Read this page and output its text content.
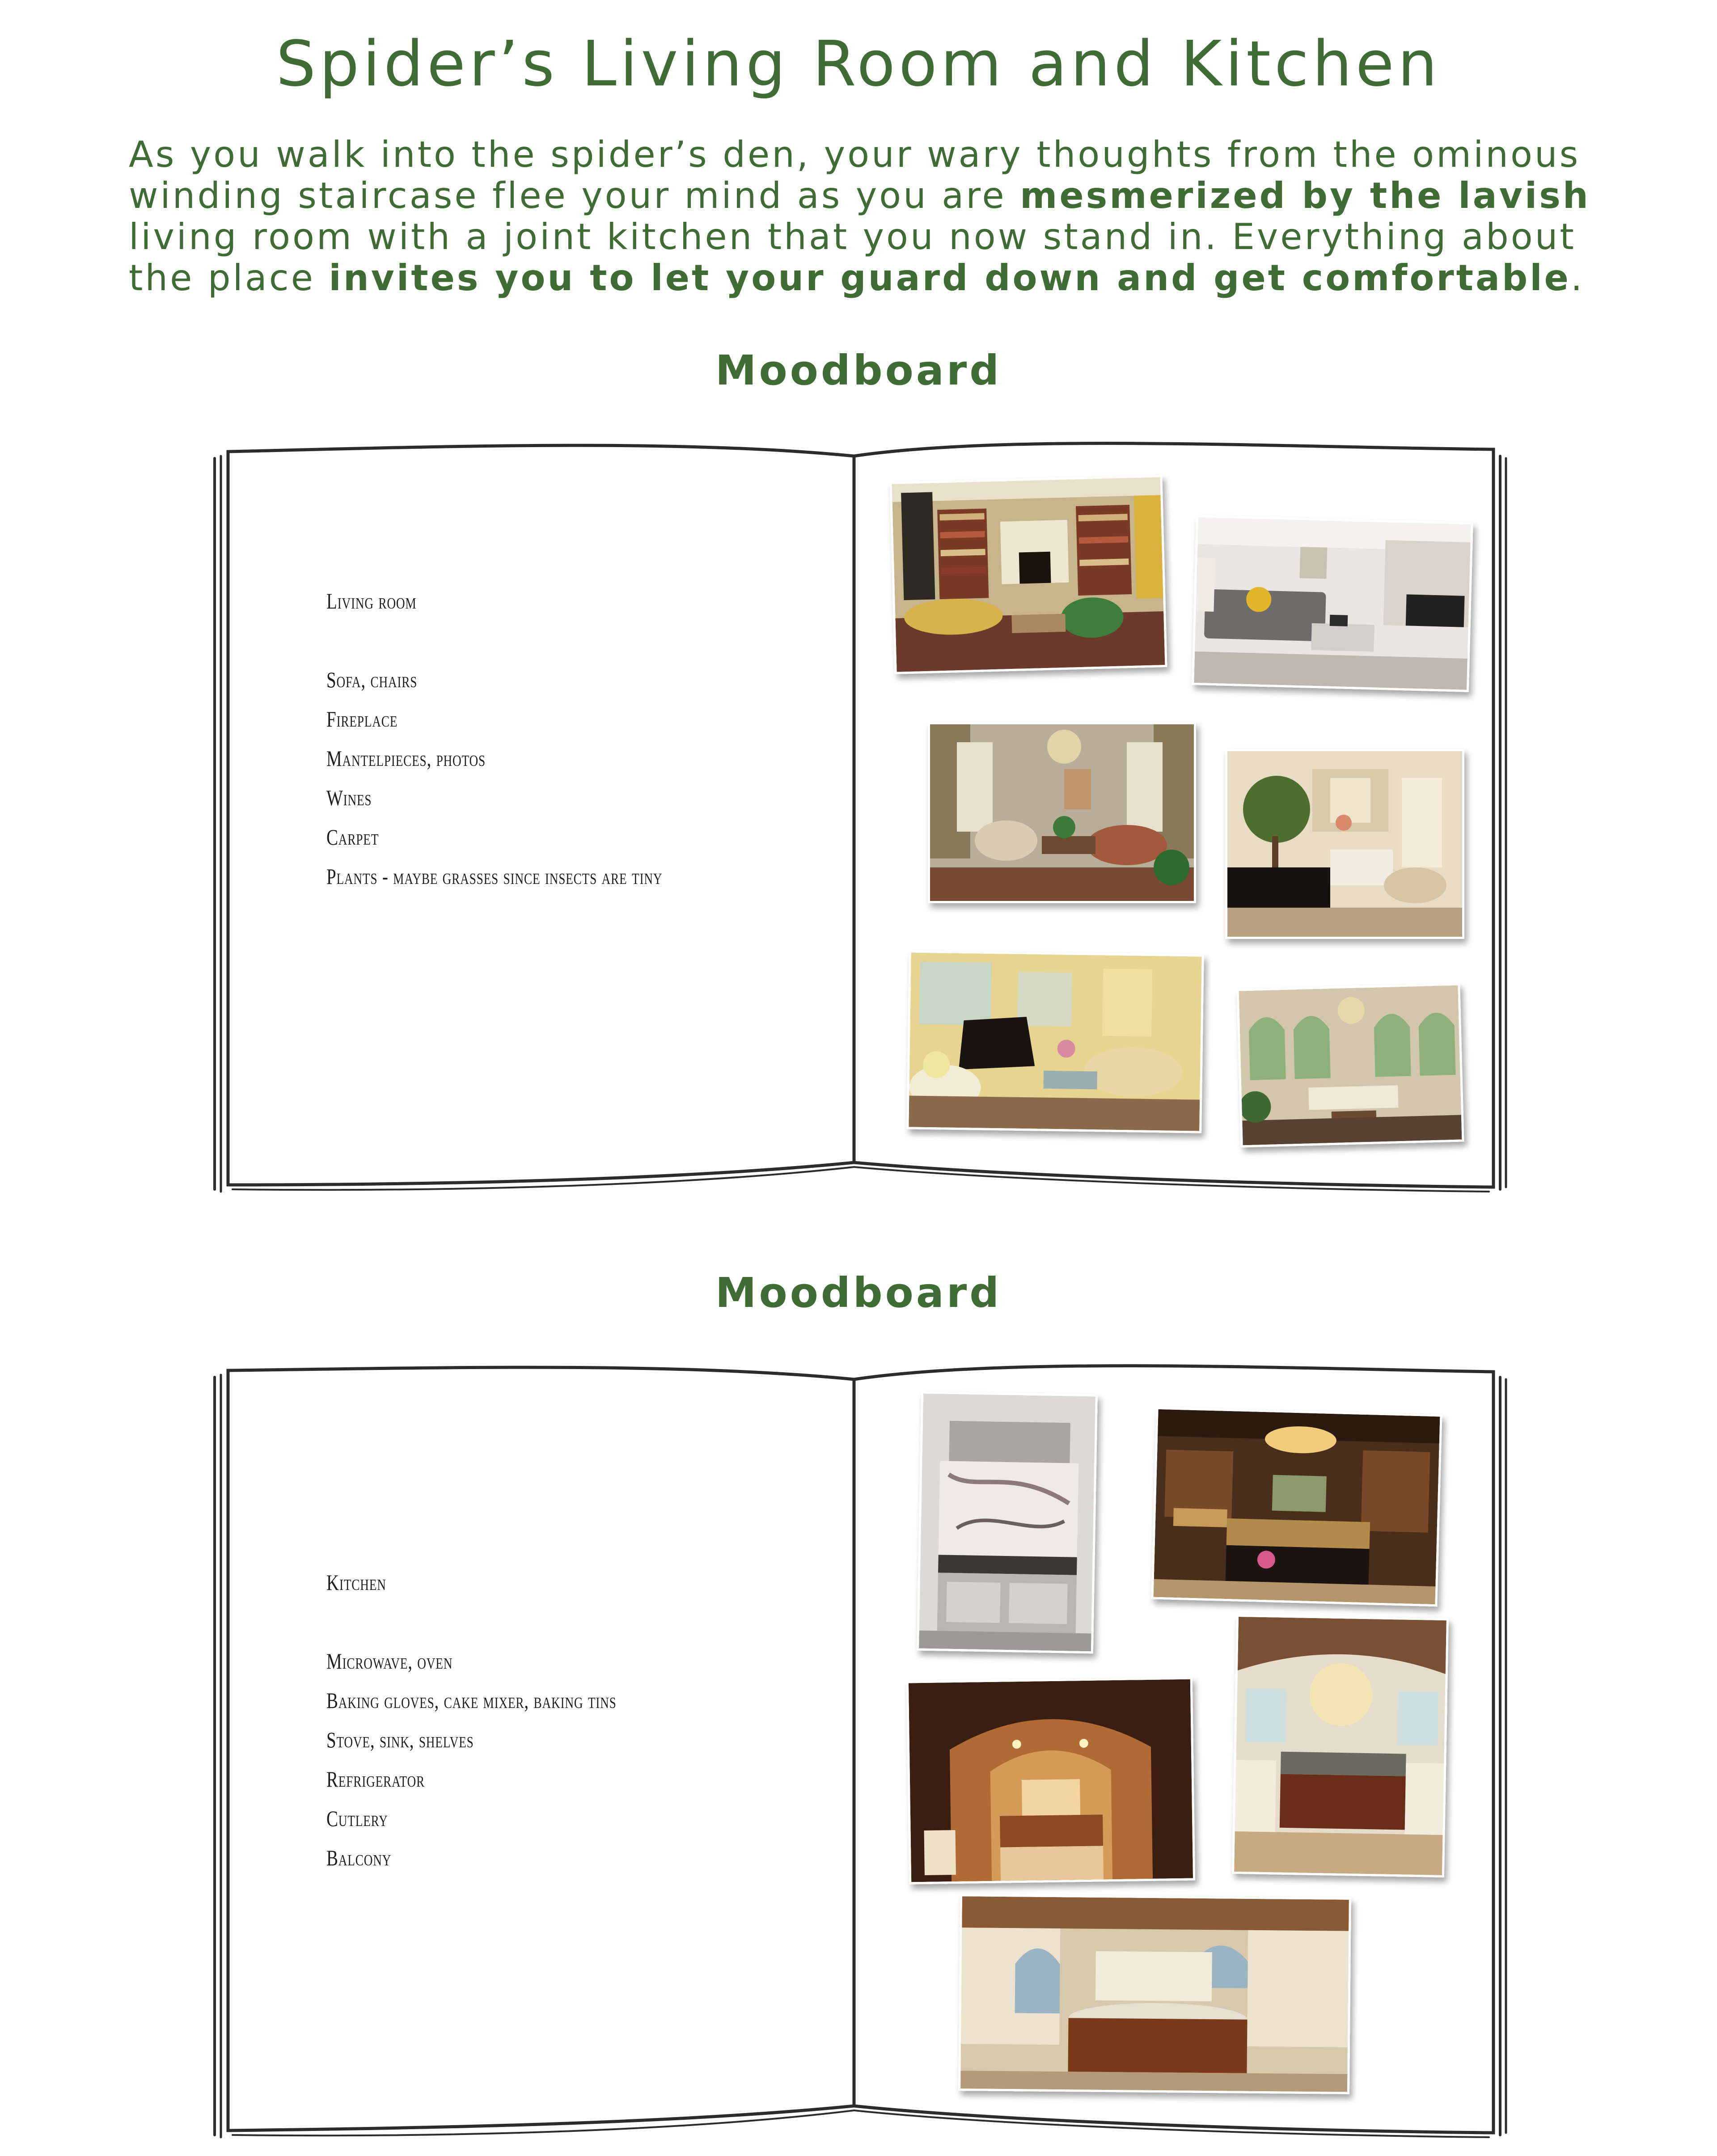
Spider’s Living Room and Kitchen

As you walk into the spider’s den, your wary thoughts from the ominous winding staircase flee your mind as you are mesmerized by the lavish living room with a joint kitchen that you now stand in. Everything about the place invites you to let your guard down and get comfortable.

Moodboard
Living room
Sofa, chairs
Fireplace
Mantelpieces, photos
Wines
Carpet
Plants - maybe grasses since insects are tiny
Moodboard
Kitchen
Microwave, oven
Baking gloves, cake mixer, baking tins
Stove, sink, shelves
Refrigerator
Cutlery
Balcony
